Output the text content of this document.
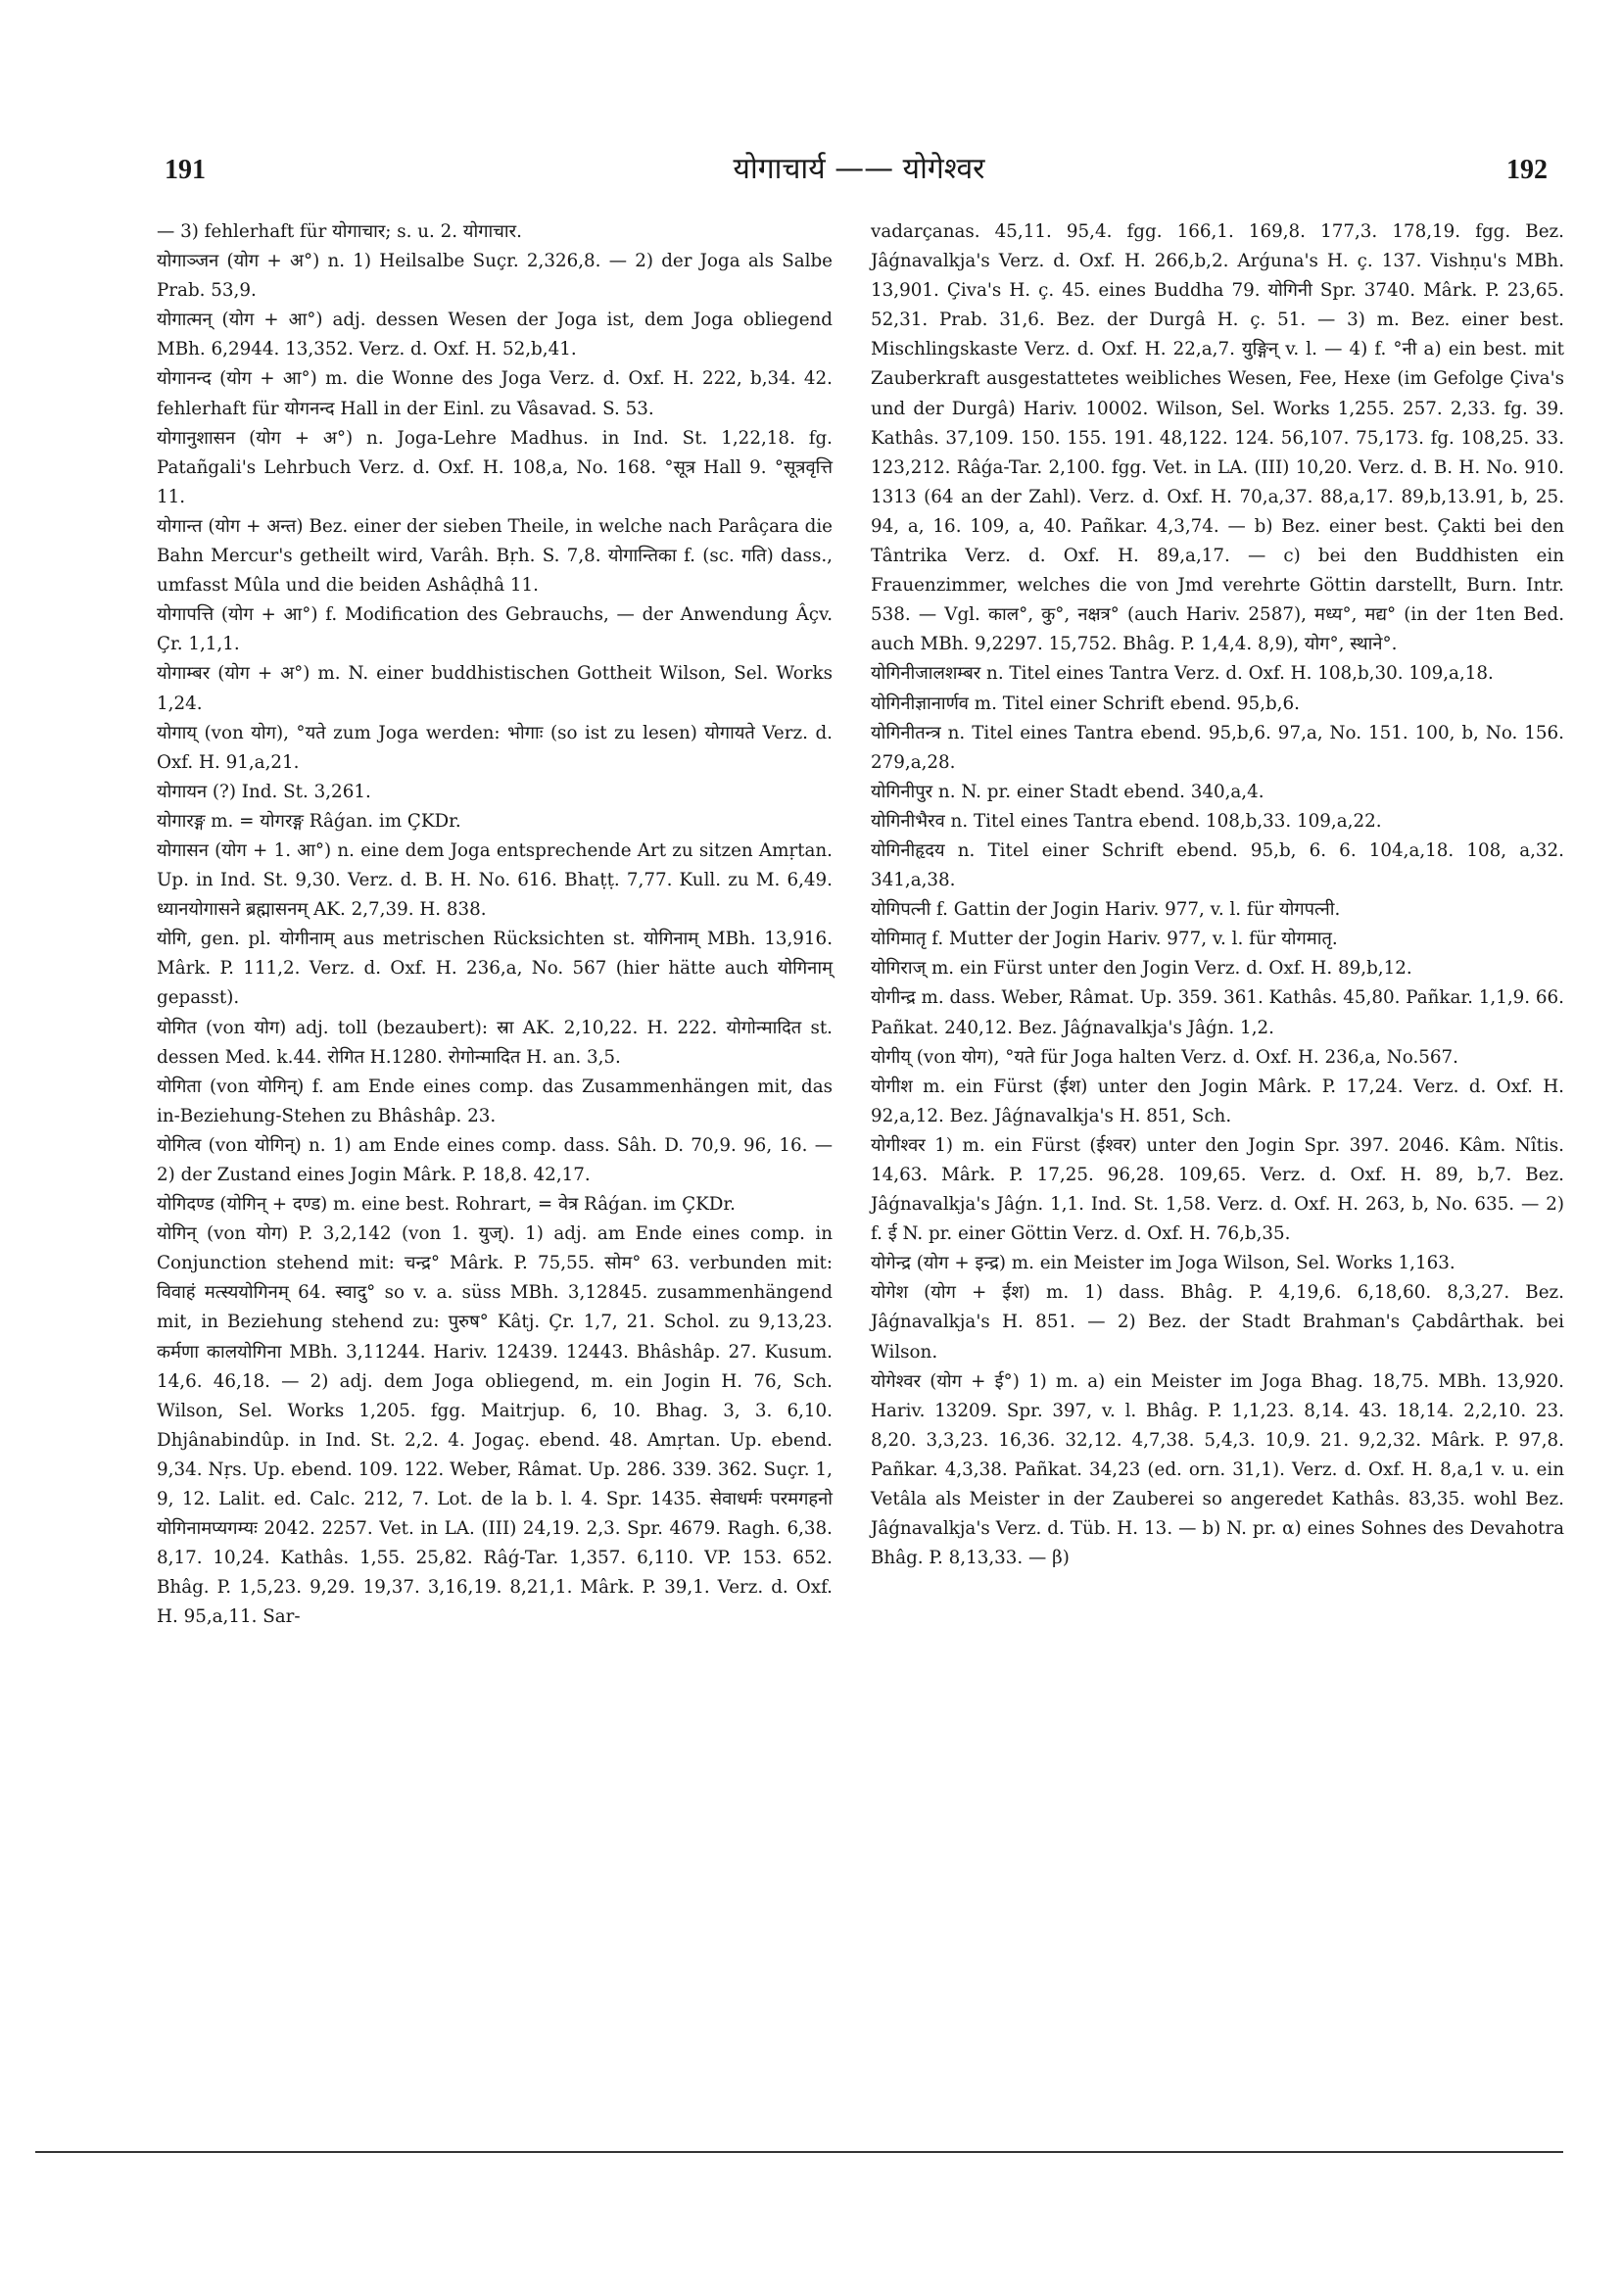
191	योगाचार्य —— योगेश्वर	192

— 3) fehlerhaft für योगाचार; s. u. 2. योगाचार.

योगाञ्जन (योग + अ°) n. 1) Heilsalbe Suçr. 2,326,8. — 2) der Joga als Salbe Prab. 53,9.

योगात्मन् (योग + आ°) adj. dessen Wesen der Joga ist, dem Joga obliegend MBh. 6,2944. 13,352. Verz. d. Oxf. H. 52,b,41.

योगानन्द (योग + आ°) m. die Wonne des Joga Verz. d. Oxf. H. 222, b,34. 42. fehlerhaft für योगनन्द Hall in der Einl. zu Vâsavad. S. 53.

योगानुशासन (योग + अ°) n. Joga-Lehre Madhus. in Ind. St. 1,22,18. fg. Patañgali's Lehrbuch Verz. d. Oxf. H. 108,a, No. 168. °सूत्र Hall 9. °सूत्रवृत्ति 11.

योगान्त (योग + अन्त) Bez. einer der sieben Theile, in welche nach Parâçara die Bahn Mercur's getheilt wird, Varâh. Bṛh. S. 7,8. योगान्तिका f. (sc. गति) dass., umfasst Mûla und die beiden Ashâḍhâ 11.

योगापत्ति (योग + आ°) f. Modification des Gebrauchs, — der Anwendung Âçv. Çr. 1,1,1.

योगाम्बर (योग + अ°) m. N. einer buddhistischen Gottheit Wilson, Sel. Works 1,24.

योगाय् (von योग), °यते zum Joga werden: भोगाः (so ist zu lesen) योगायते Verz. d. Oxf. H. 91,a,21.

योगायन (?) Ind. St. 3,261.

योगारङ्ग m. = योगरङ्ग Râǵan. im ÇKDr.

योगासन (योग + 1. आ°) n. eine dem Joga entsprechende Art zu sitzen Amṛtan. Up. in Ind. St. 9,30. Verz. d. B. H. No. 616. Bhaṭṭ. 7,77. Kull. zu M. 6,49. ध्यानयोगासने ब्रह्मासनम् AK. 2,7,39. H. 838.

योगि, gen. pl. योगीनाम् aus metrischen Rücksichten st. योगिनाम् MBh. 13,916. Mârk. P. 111,2. Verz. d. Oxf. H. 236,a, No. 567 (hier hätte auch योगिनाम् gepasst).

योगित (von योग) adj. toll (bezaubert): स्रा AK. 2,10,22. H. 222. योगोन्मादित st. dessen Med. k.44. रोगित H.1280. रोगोन्मादित H. an. 3,5.

योगिता (von योगिन्) f. am Ende eines comp. das Zusammenhängen mit, das in-Beziehung-Stehen zu Bhâshâp. 23.

योगित्व (von योगिन्) n. 1) am Ende eines comp. dass. Sâh. D. 70,9. 96, 16. — 2) der Zustand eines Jogin Mârk. P. 18,8. 42,17.

योगिदण्ड (योगिन् + दण्ड) m. eine best. Rohrart, = वेत्र Râǵan. im ÇKDr.

योगिन् (von योग) P. 3,2,142 (von 1. युज्). 1) adj. am Ende eines comp. in Conjunction stehend mit: चन्द्र° Mârk. P. 75,55. सोम° 63. verbunden mit: विवाहं मत्स्ययोगिनम् 64. स्वादु° so v. a. süss MBh. 3,12845. zusammenhängend mit, in Beziehung stehend zu: पुरुष° Kâtj. Çr. 1,7, 21. Schol. zu 9,13,23. कर्मणा कालयोगिना MBh. 3,11244. Hariv. 12439. 12443. Bhâshâp. 27. Kusum. 14,6. 46,18. — 2) adj. dem Joga obliegend, m. ein Jogin H. 76, Sch. Wilson, Sel. Works 1,205. fgg. Maitrjup. 6, 10. Bhag. 3, 3. 6,10. Dhjânabindûp. in Ind. St. 2,2. 4. Jogaç. ebend. 48. Amṛtan. Up. ebend. 9,34. Nṛs. Up. ebend. 109. 122. Weber, Râmat. Up. 286. 339. 362. Suçr. 1, 9, 12. Lalit. ed. Calc. 212, 7. Lot. de la b. l. 4. Spr. 1435. सेवाधर्मः परमगहनो योगिनामप्यगम्यः 2042. 2257. Vet. in LA. (III) 24,19. 2,3. Spr. 4679. Ragh. 6,38. 8,17. 10,24. Kathâs. 1,55. 25,82. Râǵ-Tar. 1,357. 6,110. VP. 153. 652. Bhâg. P. 1,5,23. 9,29. 19,37. 3,16,19. 8,21,1. Mârk. P. 39,1. Verz. d. Oxf. H. 95,a,11. Sar-

vadarçanas. 45,11. 95,4. fgg. 166,1. 169,8. 177,3. 178,19. fgg. Bez. Jâǵnavalkja's Verz. d. Oxf. H. 266,b,2. Arǵuna's H. ç. 137. Vishṇu's MBh. 13,901. Çiva's H. ç. 45. eines Buddha 79. योगिनी Spr. 3740. Mârk. P. 23,65. 52,31. Prab. 31,6. Bez. der Durgâ H. ç. 51. — 3) m. Bez. einer best. Mischlingskaste Verz. d. Oxf. H. 22,a,7. युङ्गिन् v. l. — 4) f. °नी a) ein best. mit Zauberkraft ausgestattetes weibliches Wesen, Fee, Hexe (im Gefolge Çiva's und der Durgâ) Hariv. 10002. Wilson, Sel. Works 1,255. 257. 2,33. fg. 39. Kathâs. 37,109. 150. 155. 191. 48,122. 124. 56,107. 75,173. fg. 108,25. 33. 123,212. Râǵa-Tar. 2,100. fgg. Vet. in LA. (III) 10,20. Verz. d. B. H. No. 910. 1313 (64 an der Zahl). Verz. d. Oxf. H. 70,a,37. 88,a,17. 89,b,13.91, b, 25. 94, a, 16. 109, a, 40. Pañkar. 4,3,74. — b) Bez. einer best. Çakti bei den Tântrika Verz. d. Oxf. H. 89,a,17. — c) bei den Buddhisten ein Frauenzimmer, welches die von Jmd verehrte Göttin darstellt, Burn. Intr. 538. — Vgl. काल°, कु°, नक्षत्र° (auch Hariv. 2587), मध्य°, मद्य° (in der 1ten Bed. auch MBh. 9,2297. 15,752. Bhâg. P. 1,4,4. 8,9), योग°, स्थाने°.

योगिनीजालशम्बर n. Titel eines Tantra Verz. d. Oxf. H. 108,b,30. 109,a,18.

योगिनीज्ञानार्णव m. Titel einer Schrift ebend. 95,b,6.

योगिनीतन्त्र n. Titel eines Tantra ebend. 95,b,6. 97,a, No. 151. 100, b, No. 156. 279,a,28.

योगिनीपुर n. N. pr. einer Stadt ebend. 340,a,4.

योगिनीभैरव n. Titel eines Tantra ebend. 108,b,33. 109,a,22.

योगिनीहृदय n. Titel einer Schrift ebend. 95,b, 6. 6. 104,a,18. 108, a,32. 341,a,38.

योगिपत्नी f. Gattin der Jogin Hariv. 977, v. l. für योगपत्नी.

योगिमातृ f. Mutter der Jogin Hariv. 977, v. l. für योगमातृ.

योगिराज् m. ein Fürst unter den Jogin Verz. d. Oxf. H. 89,b,12.

योगीन्द्र m. dass. Weber, Râmat. Up. 359. 361. Kathâs. 45,80. Pañkar. 1,1,9. 66. Pañkat. 240,12. Bez. Jâǵnavalkja's Jâǵn. 1,2.

योगीय् (von योग), °यते für Joga halten Verz. d. Oxf. H. 236,a, No.567.

योगीश m. ein Fürst (ईश) unter den Jogin Mârk. P. 17,24. Verz. d. Oxf. H. 92,a,12. Bez. Jâǵnavalkja's H. 851, Sch.

योगीश्वर 1) m. ein Fürst (ईश्वर) unter den Jogin Spr. 397. 2046. Kâm. Nîtis. 14,63. Mârk. P. 17,25. 96,28. 109,65. Verz. d. Oxf. H. 89, b,7. Bez. Jâǵnavalkja's Jâǵn. 1,1. Ind. St. 1,58. Verz. d. Oxf. H. 263, b, No. 635. — 2) f. ई N. pr. einer Göttin Verz. d. Oxf. H. 76,b,35.

योगेन्द्र (योग + इन्द्र) m. ein Meister im Joga Wilson, Sel. Works 1,163.

योगेश (योग + ईश) m. 1) dass. Bhâg. P. 4,19,6. 6,18,60. 8,3,27. Bez. Jâǵnavalkja's H. 851. — 2) Bez. der Stadt Brahman's Çabdârthak. bei Wilson.

योगेश्वर (योग + ई°) 1) m. a) ein Meister im Joga Bhag. 18,75. MBh. 13,920. Hariv. 13209. Spr. 397, v. l. Bhâg. P. 1,1,23. 8,14. 43. 18,14. 2,2,10. 23. 8,20. 3,3,23. 16,36. 32,12. 4,7,38. 5,4,3. 10,9. 21. 9,2,32. Mârk. P. 97,8. Pañkar. 4,3,38. Pañkat. 34,23 (ed. orn. 31,1). Verz. d. Oxf. H. 8,a,1 v. u. ein Vetâla als Meister in der Zauberei so angeredet Kathâs. 83,35. wohl Bez. Jâǵnavalkja's Verz. d. Tüb. H. 13. — b) N. pr. α) eines Sohnes des Devahotra Bhâg. P. 8,13,33. — β)
